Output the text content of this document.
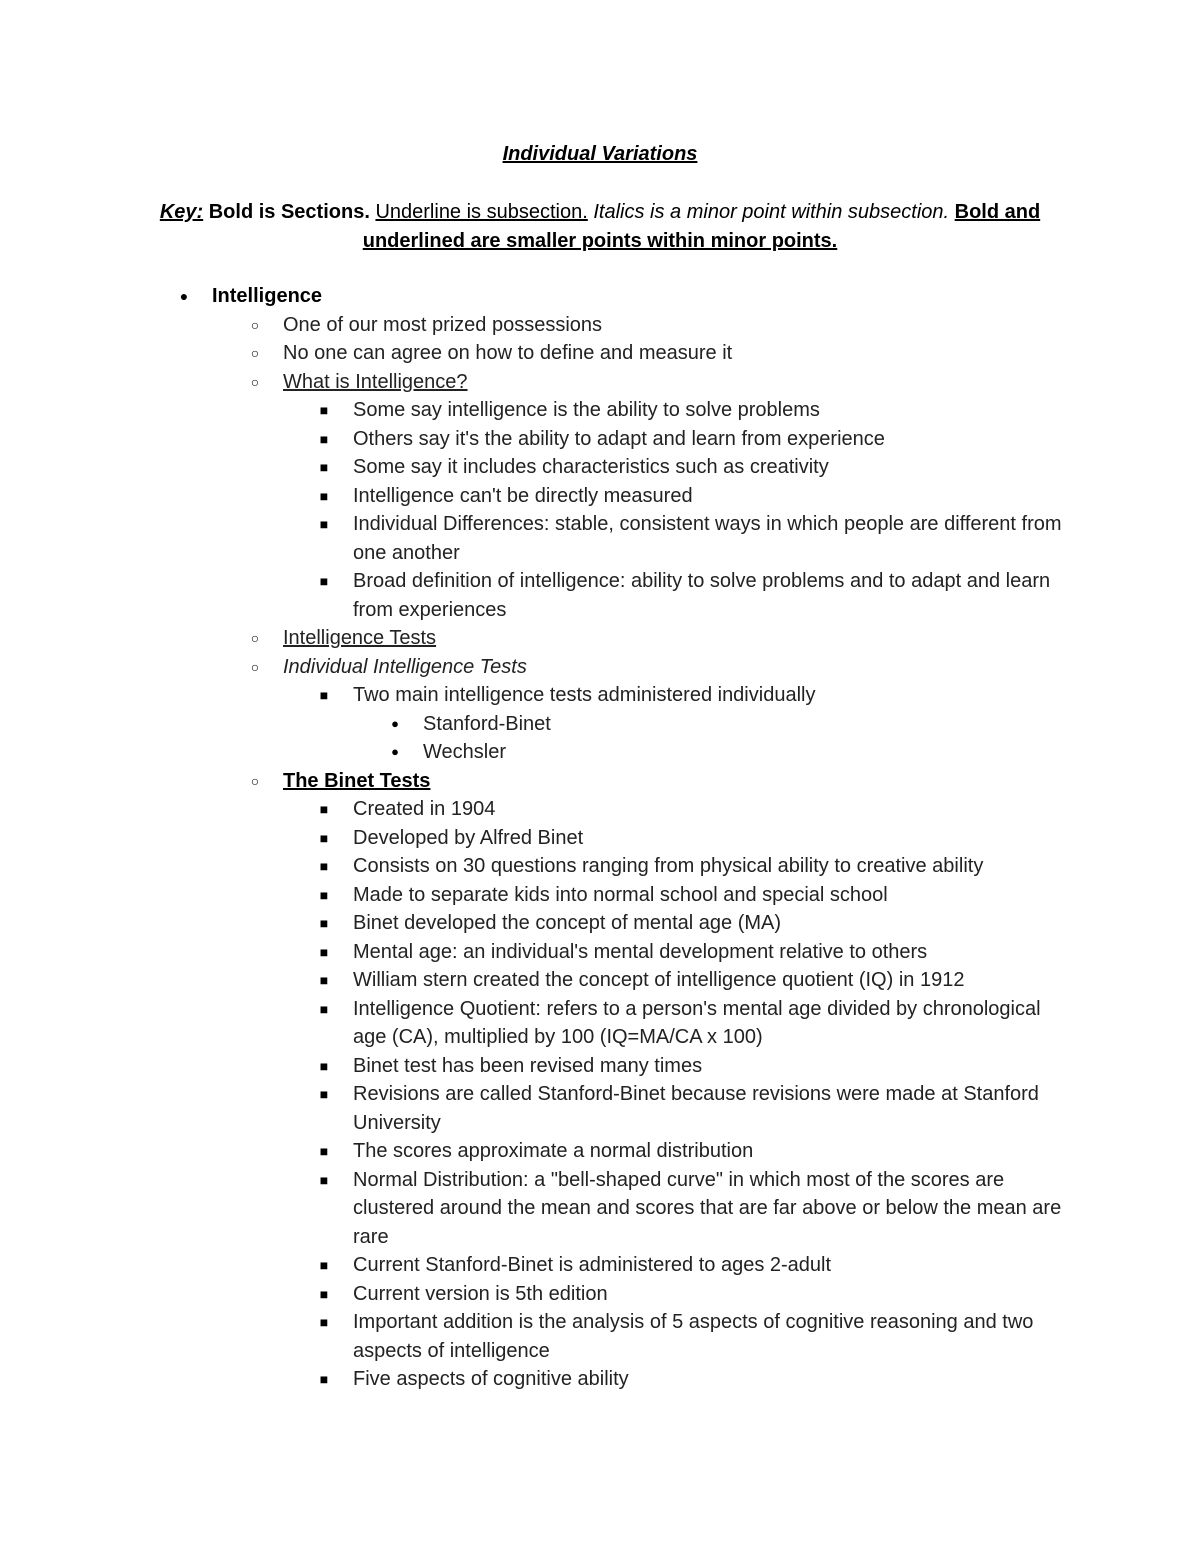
Individual Variations
Key: Bold is Sections. Underline is subsection. Italics is a minor point within subsection. Bold and underlined are smaller points within minor points.
● Intelligence
○ One of our most prized possessions
○ No one can agree on how to define and measure it
○ What is Intelligence?
■ Some say intelligence is the ability to solve problems
■ Others say it's the ability to adapt and learn from experience
■ Some say it includes characteristics such as creativity
■ Intelligence can't be directly measured
■ Individual Differences: stable, consistent ways in which people are different from one another
■ Broad definition of intelligence: ability to solve problems and to adapt and learn from experiences
○ Intelligence Tests
○ Individual Intelligence Tests
■ Two main intelligence tests administered individually
●	Stanford-Binet
●	Wechsler
○ The Binet Tests
■ Created in 1904
■ Developed by Alfred Binet
■ Consists on 30 questions ranging from physical ability to creative ability
■ Made to separate kids into normal school and special school
■ Binet developed the concept of mental age (MA)
■ Mental age: an individual's mental development relative to others
■ William stern created the concept of intelligence quotient (IQ) in 1912
■ Intelligence Quotient: refers to a person's mental age divided by chronological age (CA), multiplied by 100 (IQ=MA/CA x 100)
■ Binet test has been revised many times
■ Revisions are called Stanford-Binet because revisions were made at Stanford University
■ The scores approximate a normal distribution
■ Normal Distribution: a "bell-shaped curve" in which most of the scores are clustered around the mean and scores that are far above or below the mean are rare
■ Current Stanford-Binet is administered to ages 2-adult
■ Current version is 5th edition
■ Important addition is the analysis of 5 aspects of cognitive reasoning and two aspects of intelligence
■ Five aspects of cognitive ability
